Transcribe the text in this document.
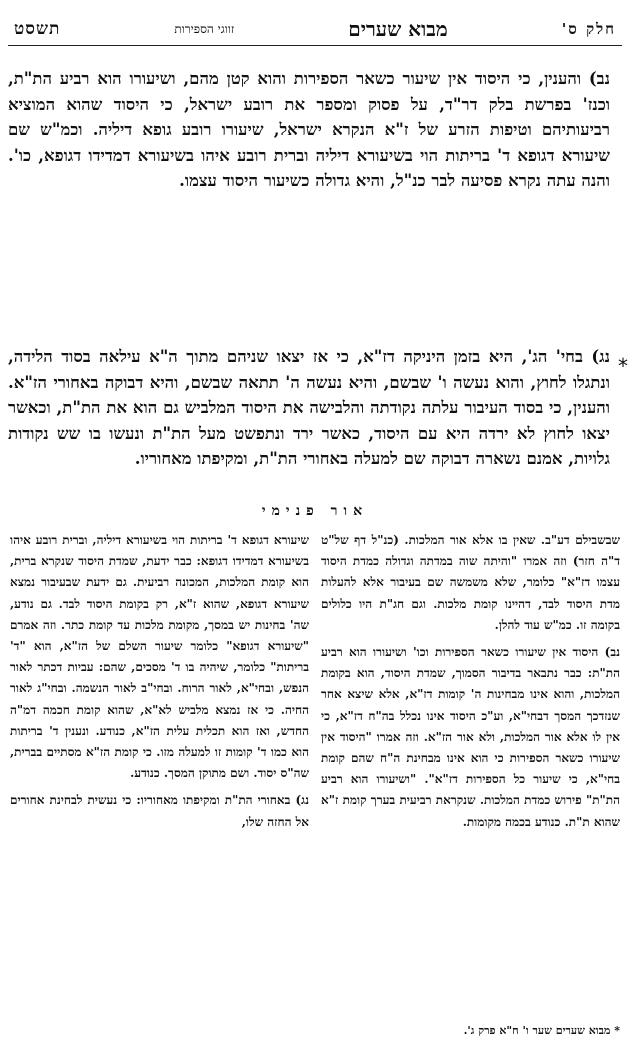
חלק ס'
מבוא שערים
זווגי הספירות
תשסט
נב) והענין, כי היסוד אין שיעור כשאר הספירות והוא קטן מהם, ושיעורו הוא רביע הת"ת, וכנז' בפרשת בלק דר"ד, על פסוק ומספר את רובע ישראל, כי היסוד שהוא המוציא רביעותיהם וטיפות הזרע של ז"א הנקרא ישראל, שיעורו רובע גופא דיליה. וכמ"ש שם שיעורא דגופא ד' בריתות הוי בשיעורא דיליה וברית רובע איהו בשיעורא דמדידו דגופא, כו'. והנה עתה נקרא פסיעה לבר כנ"ל, והיא גדולה כשיעור היסוד עצמו.
*
נג) בחי' הג', היא בזמן היניקה דז"א, כי אז יצאו שניהם מתוך ה"א עילאה בסוד הלידה, ונתגלו לחוץ, והוא נעשה ו' שבשם, והיא נעשה ה' תתאה שבשם, והיא דבוקה באחורי הז"א. והענין, כי בסוד העיבור עלתה נקודתה והלבישה את היסוד המלביש גם הוא את הת"ת, וכאשר יצאו לחוץ לא ירדה היא עם היסוד, כאשר ירד ונתפשט מעל הת"ת ונעשו בו שש נקודות גלויות, אמנם נשארה דבוקה שם למעלה באחורי הת"ת, ומקיפתו מאחוריו.
אור פנימי

שבשבילם דע"ב. שאין בו אלא אור המלכות. (כנ"ל דף של"ט ד"ה חזר) וזה אמרו "והיתה שוה במדתה וגדולה כמדת היסוד עצמו דז"א" כלומר, שלא משמשה שם בעיבור אלא להעלות מדת היסוד לבד, דהיינו קומת מלכות. וגם חג"ת היו כלולים בקומה זו. כמ"ש עוד להלן.

נב) היסוד אין שיעורו כשאר הספירות וכו' ושיעורו הוא רביע הת"ת: כבר נתבאר בדיבור הסמוך, שמדת היסוד, הוא בקומת המלכות, והוא אינו מבחינות ה' קומות דז"א, אלא שיצא אחר שנזדכך המסך דבחי"א, וע"כ היסוד אינו נכלל בה"ח דז"א, כי אין לו אלא אור המלכות, ולא אור הז"א. וזה אמרו "היסוד אין שיעורו כשאר הספירות כי הוא אינו מבחינת ה"ח שהם קומת בחי"א, כי שיעור כל הספירות דז"א". "ושיעורו הוא רביע הת"ת" פירוש כמדת המלכות. שנקראת רביעית בערך קומת ז"א שהוא ת"ת. כנודע בכמה מקומות.

שיעורא דגופא ד' בריתות הוי בשיעורא דיליה, וברית רובע איהו בשיעורא דמדידו דגופא: כבר ידעת, שמדת היסוד שנקרא ברית, הוא קומת המלכות, המכונה רביעית. גם ידעת שבעיבור נמצא שיעורא דגופא, שהוא ז"א, רק בקומת היסוד לבד. גם נודע, שה' בחינות יש במסך, מקומת מלכות עד קומת כתר. וזה אמרם "שיעורא דגופא" כלומר שיעור השלם של הז"א, הוא "ד' בריתות" כלומר, שיהיה בו ד' מסכים, שהם: עביות דכתר לאור הנפש, ובחי"א, לאור הרוח. ובחי"ב לאור הנשמה. ובחי"ג לאור החיה. כי אז נמצא מלביש לא"א, שהוא קומת חכמה דמ"ה החדש, ואז הוא תכלית עלית הז"א, כנודע. ונענין ד' בריתות הוא כמו ד' קומות זו למעלה מזו. כי קומת הז"א מסתיים בברית, שה"ס יסוד. ושם מתוקן המסך. כנודע.

נג) באחורי הת"ת ומקיפתו מאחוריו: כי נעשית לבחינת אחורים אל החזה שלו,

* מבוא שערים שער ו' ח"א פרק ג'.
